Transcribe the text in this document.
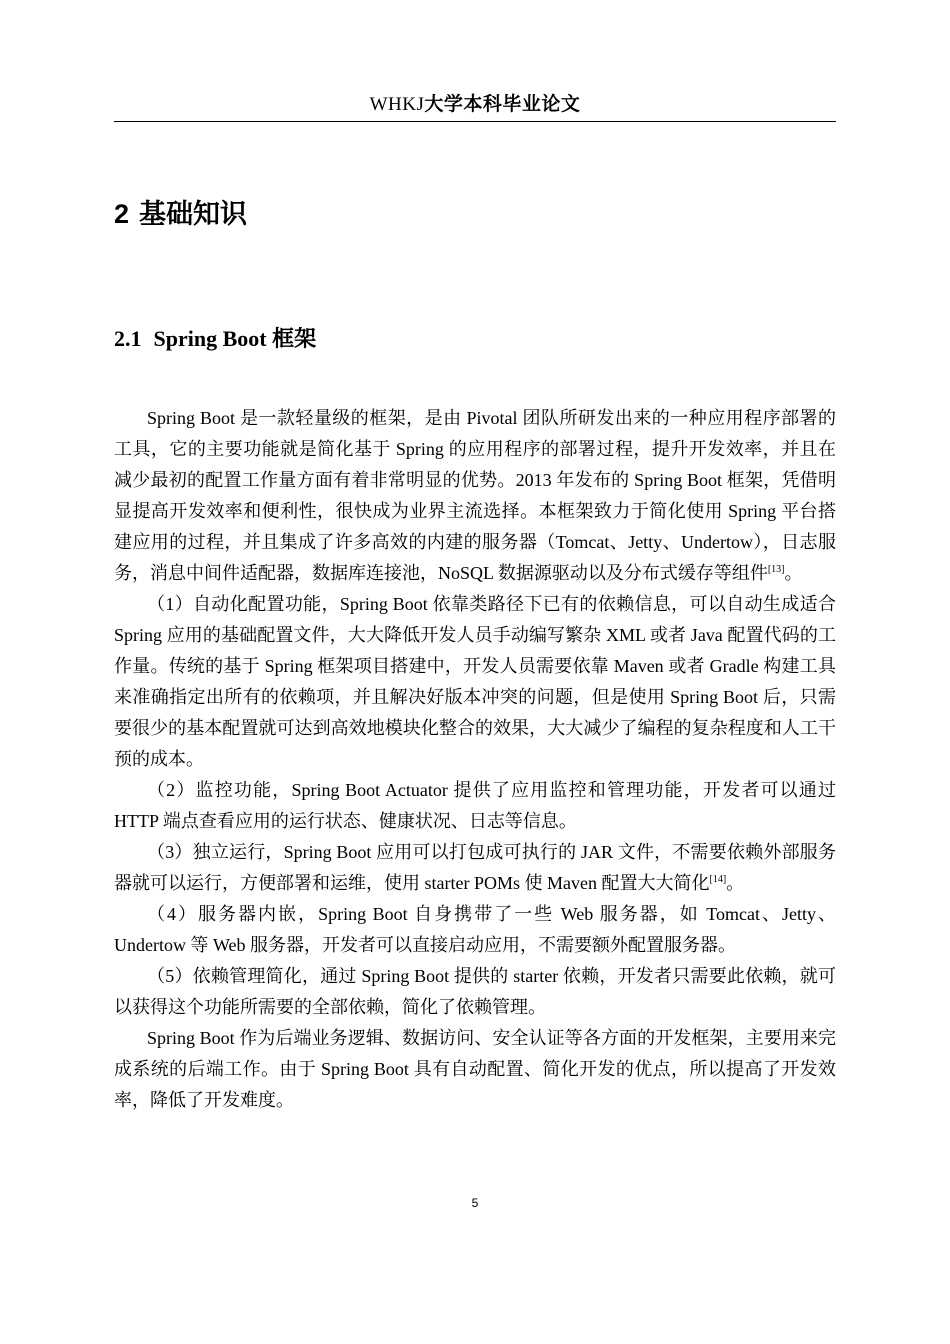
WHKJ大学本科毕业论文
2 基础知识
2.1 Spring Boot 框架

Spring Boot 是一款轻量级的框架，是由 Pivotal 团队所研发出来的一种应用程序部署的工具，它的主要功能就是简化基于 Spring 的应用程序的部署过程，提升开发效率，并且在减少最初的配置工作量方面有着非常明显的优势。2013 年发布的 Spring Boot 框架，凭借明显提高开发效率和便利性，很快成为业界主流选择。本框架致力于简化使用 Spring 平台搭建应用的过程，并且集成了许多高效的内建的服务器（Tomcat、Jetty、Undertow），日志服务，消息中间件适配器，数据库连接池，NoSQL 数据源驱动以及分布式缓存等组件[13]。

（1）自动化配置功能，Spring Boot 依靠类路径下已有的依赖信息，可以自动生成适合 Spring 应用的基础配置文件，大大降低开发人员手动编写繁杂 XML 或者 Java 配置代码的工作量。传统的基于 Spring 框架项目搭建中，开发人员需要依靠 Maven 或者 Gradle 构建工具来准确指定出所有的依赖项，并且解决好版本冲突的问题，但是使用 Spring Boot 后，只需要很少的基本配置就可达到高效地模块化整合的效果，大大减少了编程的复杂程度和人工干预的成本。

（2）监控功能，Spring Boot Actuator 提供了应用监控和管理功能，开发者可以通过 HTTP 端点查看应用的运行状态、健康状况、日志等信息。

（3）独立运行，Spring Boot 应用可以打包成可执行的 JAR 文件，不需要依赖外部服务器就可以运行，方便部署和运维，使用 starter POMs 使 Maven 配置大大简化[14]。

（4）服务器内嵌，Spring Boot 自身携带了一些 Web 服务器，如 Tomcat、Jetty、Undertow 等 Web 服务器，开发者可以直接启动应用，不需要额外配置服务器。

（5）依赖管理简化，通过 Spring Boot 提供的 starter 依赖，开发者只需要此依赖，就可以获得这个功能所需要的全部依赖，简化了依赖管理。

Spring Boot 作为后端业务逻辑、数据访问、安全认证等各方面的开发框架，主要用来完成系统的后端工作。由于 Spring Boot 具有自动配置、简化开发的优点，所以提高了开发效率，降低了开发难度。

5
